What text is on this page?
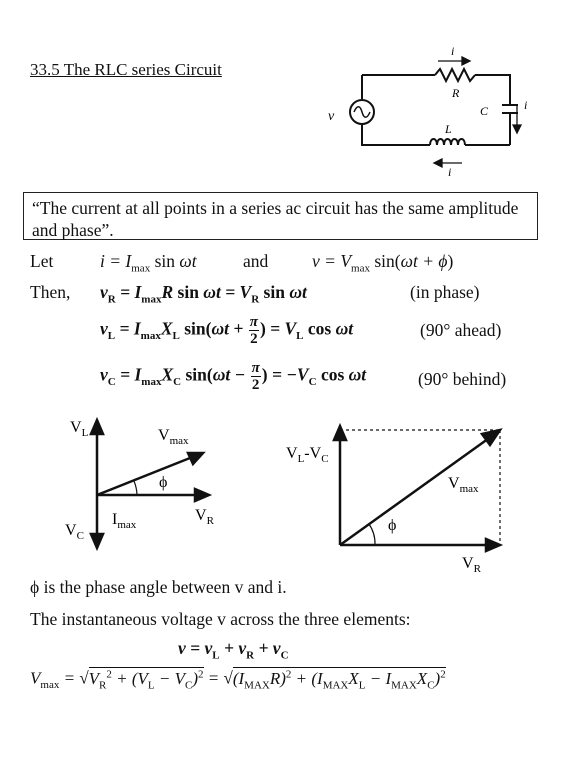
33.5 The RLC series Circuit
i
R
C	i
L
i
v
“The current at all points in a series ac circuit has the same amplitude and phase”.
Let	$i = I_{max}$ sin ωt	and $v = V_{max}$ sin(ωt + ϕ)
Then, $v_R = I_{max}R$ $\sin \omega t = V_R$ sin ωt	(in phase)
$v_L = I_{max}X_L$ $\sin(\omega t + \frac{\pi}{2}$ ) = $V_L$ cos ωt	(90° ahead)
$v_C = I_{max}X_C$ $\sin(\omega t - \frac{\pi}{2}$ ) = $-V_C$ cos ωt	(90° behind)
$V_L$	$V_{max}$
ϕ
$I_{max}$
$V_R$
$V_C$
$V_L-V_C$
$V_{max}$
ϕ
$V_R$
ϕ is the phase angle between v and i.
The instantaneous voltage v across the three elements:
$v = v_L + v_R + v_C$
$V_{max} = √V_R^2 + (V_L - V_C)^2 = √(I_{MAX}R)^2 + (I_{MAX}X_L - I_{MAX}X_C)^2$
